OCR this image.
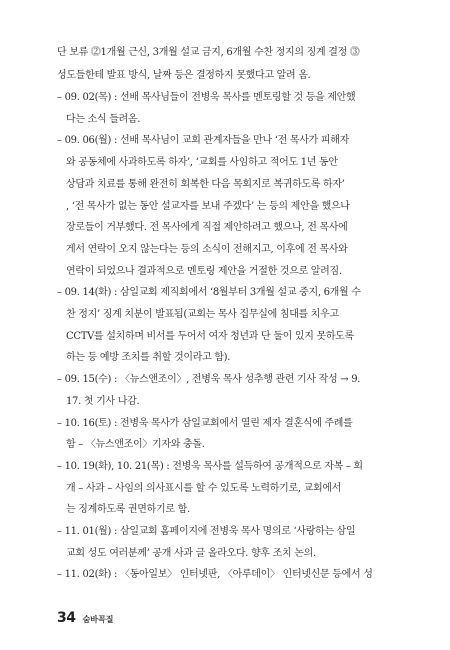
단 보류 ⓶1개월 근신, 3개월 설교 금지, 6개월 수찬 정지의 징계 결정 ⓷
성도들한테 발표 방식, 날짜 등은 결정하지 못했다고 알려 옴.
– 09. 02(목) : 선배 목사님들이 전병욱 목사를 멘토링할 것 등을 제안했
다는 소식 들려옴.
– 09. 06(월) : 선배 목사님이 교회 관계자들을 만나 ‘전 목사가 피해자
와 공동체에 사과하도록 하자’, ‘교회를 사임하고 적어도 1년 동안
상담과 치료를 통해 완전히 회복한 다음 목회지로 복귀하도록 하자’
, ‘전 목사가 없는 동안 설교자를 보내 주겠다’ 는 등의 제안을 했으나
장로들이 거부했다. 전 목사에게 직접 제안하려고 했으나, 전 목사에
게서 연락이 오지 않는다는 등의 소식이 전해지고, 이후에 전 목사와
연락이 되었으나 결과적으로 멘토링 제안을 거절한 것으로 알려짐.
– 09. 14(화) : 삼일교회 제직회에서 ‘8월부터 3개월 설교 중지, 6개월 수
찬 정지’ 징계 치분이 발표됨(교회는 목사 집무실에 침대를 치우고
CCTV를 설치하며 비서를 두어서 여자 청년과 단 둘이 있지 못하도록
하는 등 예방 조치를 취할 것이라고 함).
– 09. 15(수) : 〈뉴스앤조이〉, 전병욱 목사 성추행 관련 기사 작성 → 9.
17. 첫 기사 나감.
– 10. 16(토) : 전병욱 목사가 삼일교회에서 열린 제자 결혼식에 주례를
함 – 〈뉴스앤조이〉기자와 충돌.
– 10. 19(화), 10. 21(목) : 전병욱 목사를 설득하여 공개적으로 자복 – 회
개 – 사과 – 사임의 의사표시를 할 수 있도록 노력하기로, 교회에서
는 징계하도록 권면하기로 함.
– 11. 01(월) : 삼일교회 홈페이지에 전병욱 목사 명의로 ‘사랑하는 삼일
교회 성도 여러분께’ 공개 사과 글 올라오다. 향후 조치 논의.
– 11. 02(화) : 〈동아일보〉 인터넷판, 〈아루데이〉 인터넷신문 등에서 성
34 숨바꼭질
